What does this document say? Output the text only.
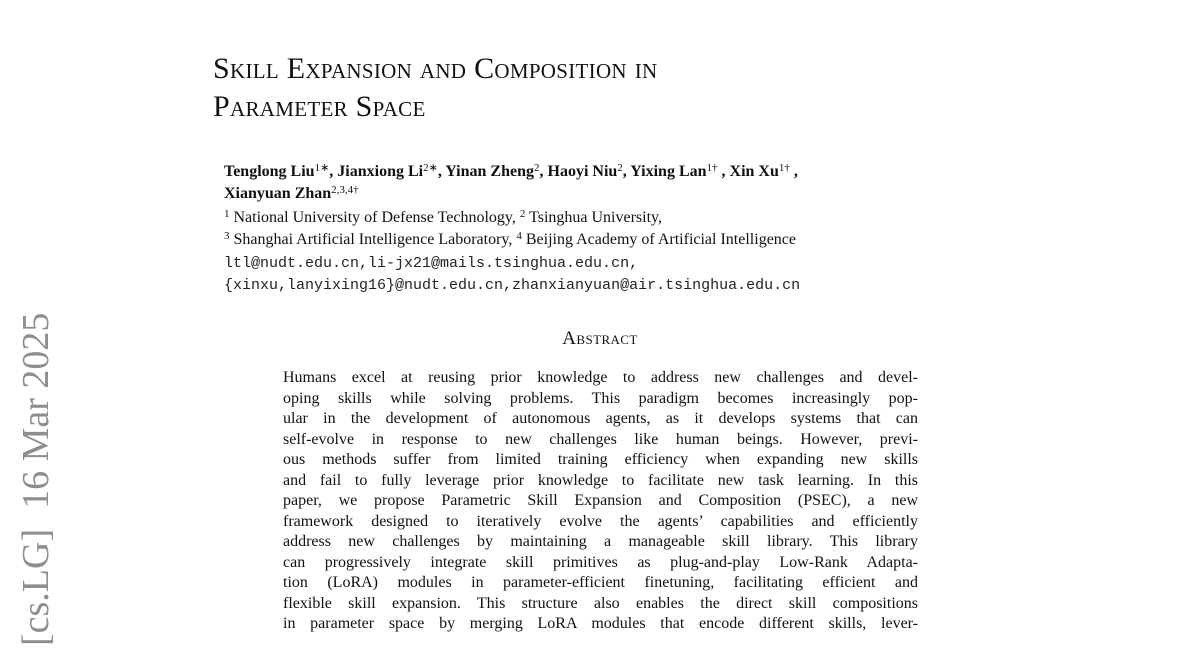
[cs.LG]16 Mar 2025
Skill Expansion and Composition in
Parameter Space
Tenglong Liu$^{1∗}$, Jianxiong $Li^{2∗}$, Yinan Zheng$^2$, Haoyi Niu$^2$, Yixing Lan$^{1\dagger}$ , Xin $Xu^{1\dagger}$ ,
Xianyuan Zhan$^{2,3,4\dagger}$
$^1$ National University of Defense Technology, $^2$ Tsinghua University,
$^3$ Shanghai Artificial Intelligence Laboratory, $^4$ Beijing Academy of Artificial Intelligence
ltl@nudt.edu.cn,li-jx21@mails.tsinghua.edu.cn,
{xinxu,lanyixing16}@nudt.edu.cn,zhanxianyuan@air.tsinghua.edu.cn
Abstract
Humans excel at reusing prior knowledge to address new challenges and devel-
oping skills while solving problems. This paradigm becomes increasingly pop-
ular in the development of autonomous agents, as it develops systems that can
self-evolve in response to new challenges like human beings. However, previ-
ous methods suffer from limited training efficiency when expanding new skills
and fail to fully leverage prior knowledge to facilitate new task learning. In this
paper, we propose Parametric Skill Expansion and Composition (PSEC), a new
framework designed to iteratively evolve the agents’ capabilities and efficiently
address new challenges by maintaining a manageable skill library. This library
can progressively integrate skill primitives as plug-and-play Low-Rank Adapta-
tion (LoRA) modules in parameter-efficient finetuning, facilitating efficient and
flexible skill expansion. This structure also enables the direct skill compositions
in parameter space by merging LoRA modules that encode different skills, lever-
